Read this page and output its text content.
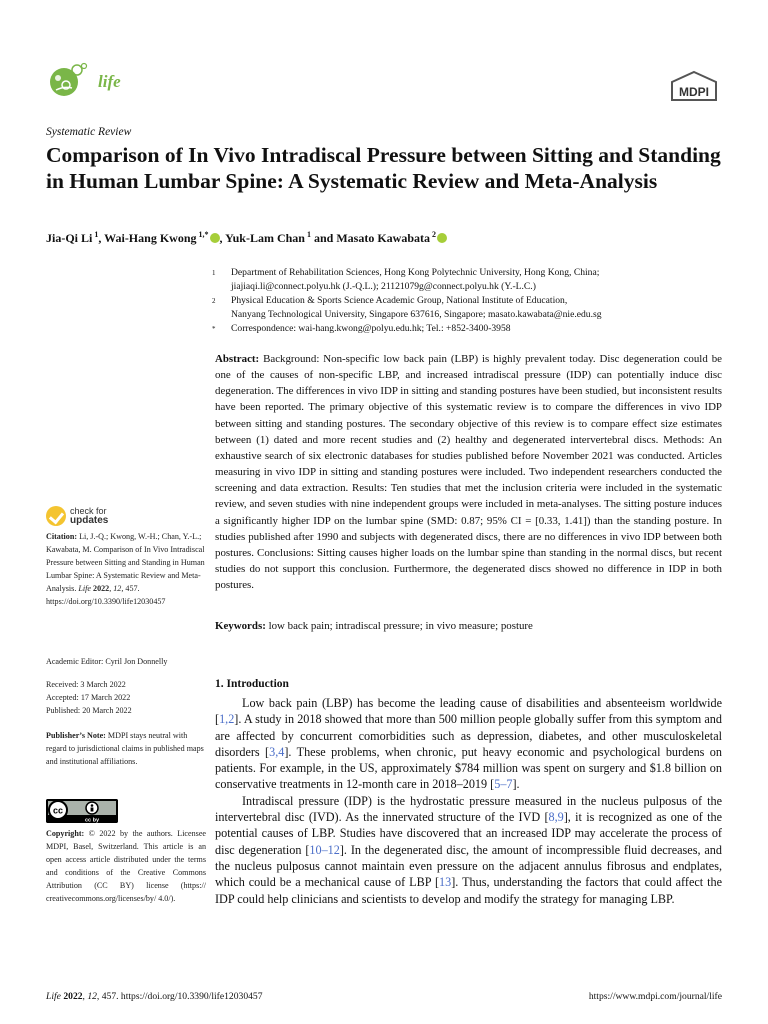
life
MDPI
Systematic Review
Comparison of In Vivo Intradiscal Pressure between Sitting and Standing in Human Lumbar Spine: A Systematic Review and Meta-Analysis
Jia-Qi Li $^1$, Wai-Hang Kwong $^{1,*}$ , Yuk-Lam Chan $^1$ and Masato Kawabata $^2$
1	Department of Rehabilitation Sciences, Hong Kong Polytechnic University, Hong Kong, China;
jiajiaqi.li@connect.polyu.hk (J.-Q.L.); 21121079g@connect.polyu.hk (Y.-L.C.)
2	Physical Education & Sports Science Academic Group, National Institute of Education,
Nanyang Technological University, Singapore 637616, Singapore; masato.kawabata@nie.edu.sg
*	Correspondence: wai-hang.kwong@polyu.edu.hk; Tel.: +852-3400-3958
Abstract: Background: Non-specific low back pain (LBP) is highly prevalent today. Disc degeneration could be one of the causes of non-specific LBP, and increased intradiscal pressure (IDP) can potentially induce disc degeneration. The differences in vivo IDP in sitting and standing postures have been studied, but inconsistent results have been reported. The primary objective of this systematic review is to compare the differences in vivo IDP between sitting and standing postures. The secondary objective of this review is to compare effect size estimates between (1) dated and more recent studies and (2) healthy and degenerated intervertebral discs. Methods: An exhaustive search of six electronic databases for studies published before November 2021 was conducted. Articles measuring in vivo IDP in sitting and standing postures were included. Two independent researchers conducted the screening and data extraction. Results: Ten studies that met the inclusion criteria were included in the systematic review, and seven studies with nine independent groups were included in meta-analyses. The sitting posture induces a significantly higher IDP on the lumbar spine (SMD: 0.87; 95% CI = [0.33, 1.41]) than the standing posture. In studies published after 1990 and subjects with degenerated discs, there are no differences in vivo IDP between both postures. Conclusions: Sitting causes higher loads on the lumbar spine than standing in the normal discs, but recent studies do not support this conclusion. Furthermore, the degenerated discs showed no difference in IDP in both postures.
Keywords: low back pain; intradiscal pressure; in vivo measure; posture
check for
updates
Citation: Li, J.-Q.; Kwong, W.-H.; Chan, Y.-L.; Kawabata, M. Comparison of In Vivo Intradiscal Pressure between Sitting and Standing in Human Lumbar Spine: A Systematic Review and Meta-Analysis. Life 2022, 12, 457. https://doi.org/10.3390/life12030457
Academic Editor: Cyril Jon Donnelly
Received: 3 March 2022
Accepted: 17 March 2022
Published: 20 March 2022
Publisher’s Note: MDPI stays neutral with regard to jurisdictional claims in published maps and institutional affiliations.
cc
cc by
Copyright: © 2022 by the authors. Licensee MDPI, Basel, Switzerland. This article is an open access article distributed under the terms and conditions of the Creative Commons Attribution (CC BY) license (https:// creativecommons.org/licenses/by/ 4.0/).
1. Introduction

Low back pain (LBP) has become the leading cause of disabilities and absenteeism worldwide [1,2]. A study in 2018 showed that more than 500 million people globally suffer from this symptom and are affected by concurrent comorbidities such as depression, diabetes, and other musculoskeletal disorders [3,4]. These problems, when chronic, put heavy economic and psychological burdens on patients. For example, in the US, approximately $784 million was spent on surgery and $1.8 billion on conservative treatments in 12-month care in 2018–2019 [5–7].

Intradiscal pressure (IDP) is the hydrostatic pressure measured in the nucleus pulposus of the intervertebral disc (IVD). As the innervated structure of the IVD [8,9], it is recognized as one of the potential causes of LBP. Studies have discovered that an increased IDP may accelerate the process of disc degeneration [10–12]. In the degenerated disc, the amount of incompressible fluid decreases, and the nucleus pulposus cannot maintain even pressure on the adjacent annulus fibrosus and endplates, which could be a mechanical cause of LBP [13]. Thus, understanding the factors that could affect the IDP could help clinicians and scientists to develop and modify the strategy for managing LBP.

Life 2022, 12, 457. https://doi.org/10.3390/life12030457	https://www.mdpi.com/journal/life
